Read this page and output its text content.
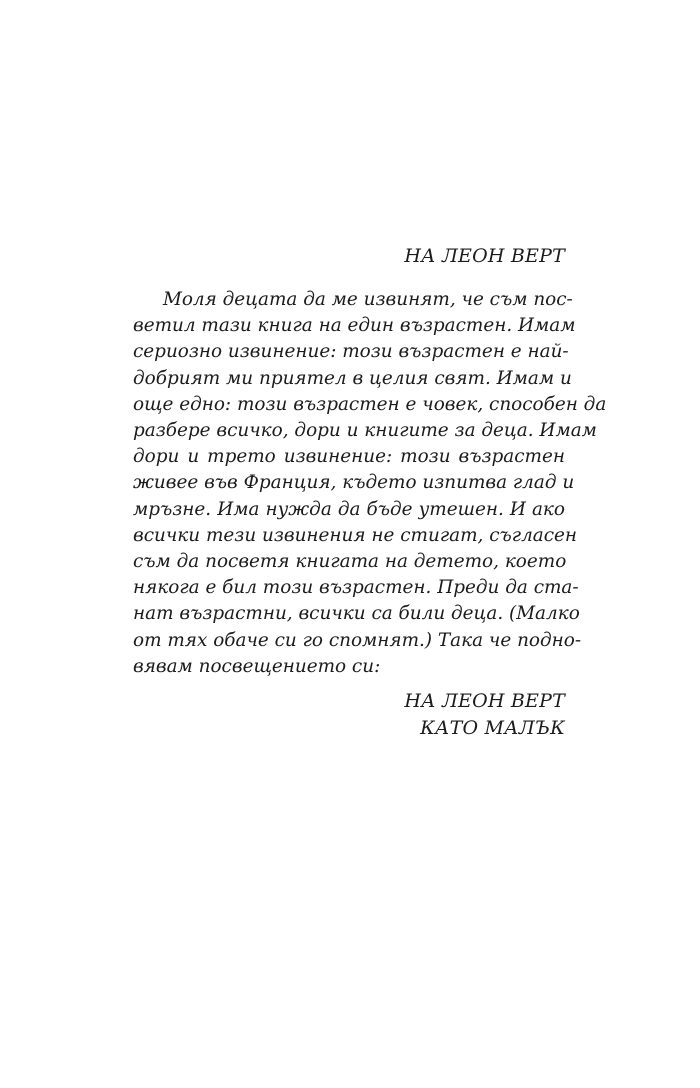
НА ЛЕОН ВЕРТ
Моля децата да ме извинят, че съм пос-
ветил тази книга на един възрастен. Имам
сериозно извинение: този възрастен е най-
добрият ми приятел в целия свят. Имам и
още едно: този възрастен е човек, способен да
разбере всичко, дори и книгите за деца. Имам
дори и трето извинение: този възрастен
живее във Франция, където изпитва глад и
мръзне. Има нужда да бъде утешен. И ако
всички тези извинения не стигат, съгласен
съм да посветя книгата на детето, което
някога е бил този възрастен. Преди да ста-
нат възрастни, всички са били деца. (Малко
от тях обаче си го спомнят.) Така че подно-
вявам посвещението си:
НА ЛЕОН ВЕРТ
КАТО МАЛЪК
